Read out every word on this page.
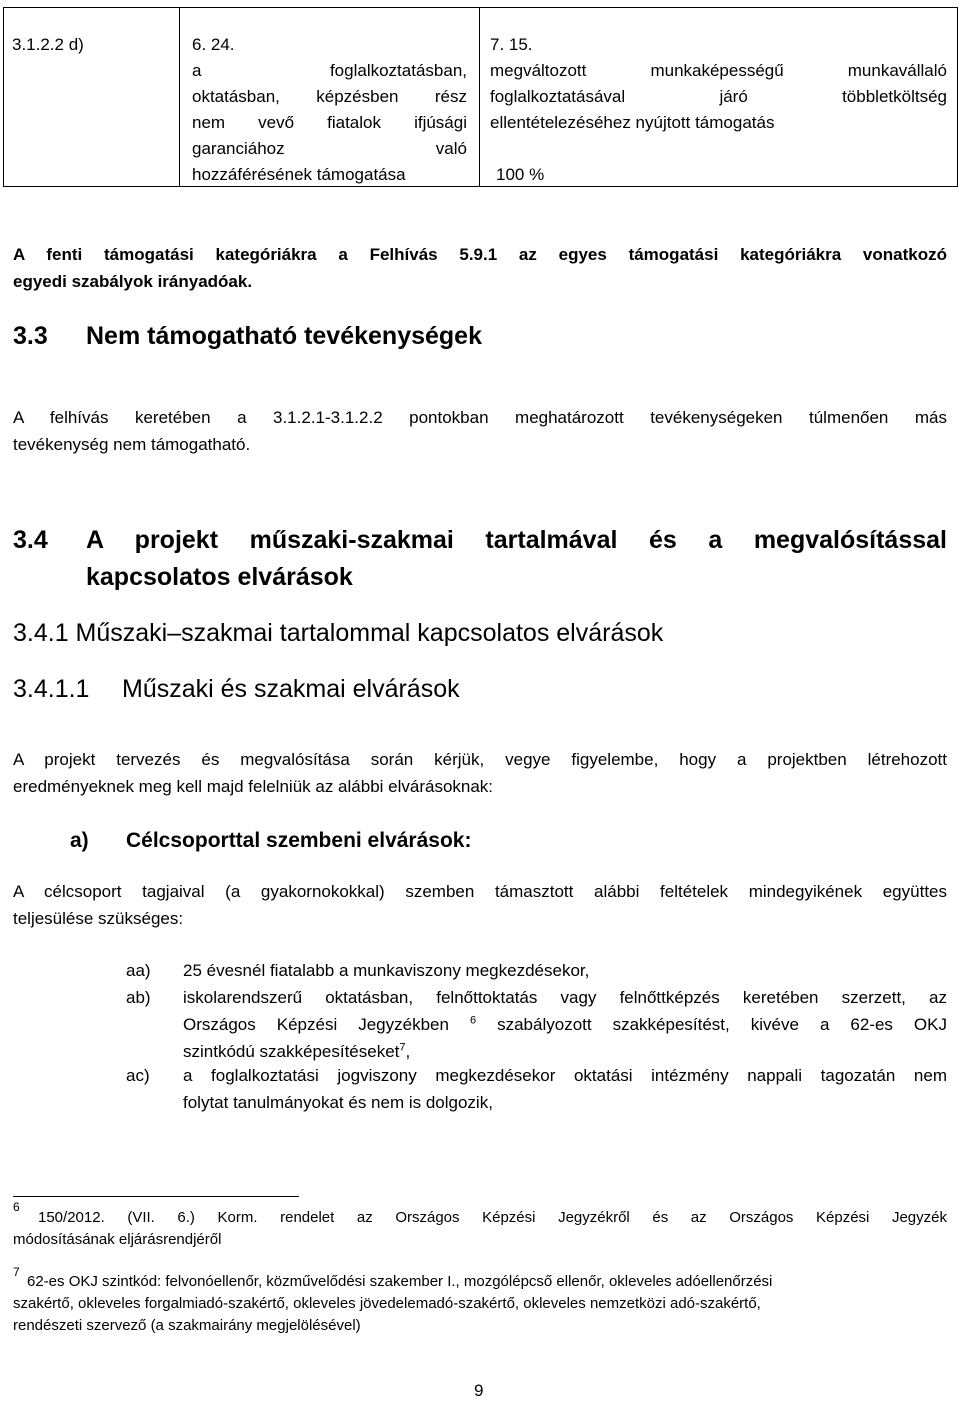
3.1.2.2 d)	6. 24.
a foglalkoztatásban,
oktatásban, képzésben rész
nem vevő fiatalok ifjúsági
garanciához való
hozzáférésének támogatása
7. 15.
megváltozott munkaképességű munkavállaló
foglalkoztatásával járó többletköltség
ellentételezéséhez nyújtott támogatás
100 %
A fenti támogatási kategóriákra a Felhívás 5.9.1 az egyes támogatási kategóriákra vonatkozó
egyedi szabályok irányadóak.
3.3 Nem támogatható tevékenységek
A felhívás keretében a 3.1.2.1-3.1.2.2 pontokban meghatározott tevékenységeken túlmenően más
tevékenység nem támogatható.
3.4 A projekt műszaki-szakmai tartalmával és a megvalósítással
kapcsolatos elvárások
3.4.1 Műszaki–szakmai tartalommal kapcsolatos elvárások
3.4.1.1 Műszaki és szakmai elvárások
A projekt tervezés és megvalósítása során kérjük, vegye figyelembe, hogy a projektben létrehozott
eredményeknek meg kell majd felelniük az alábbi elvárásoknak:
a) Célcsoporttal szembeni elvárások:
A célcsoport tagjaival (a gyakornokokkal) szemben támasztott alábbi feltételek mindegyikének együttes
teljesülése szükséges:
aa) 25 évesnél fiatalabb a munkaviszony megkezdésekor,
ab) iskolarendszerű oktatásban, felnőttoktatás vagy felnőttképzés keretében szerzett, az
Országos Képzési Jegyzékben $^6$ szabályozott szakképesítést, kivéve a 62-es OKJ
szintkódú szakképesítéseket$^7$,
ac) a foglalkoztatási jogviszony megkezdésekor oktatási intézmény nappali tagozatán nem
folytat tanulmányokat és nem is dolgozik,
6
150/2012. (VII. 6.) Korm. rendelet az Országos Képzési Jegyzékről és az Országos Képzési Jegyzék
módosításának eljárásrendjéről
7
62-es OKJ szintkód: felvonóellenőr, közművelődési szakember I., mozgólépcső ellenőr, okleveles adóellenőrzési
szakértő, okleveles forgalmiadó-szakértő, okleveles jövedelemadó-szakértő, okleveles nemzetközi adó-szakértő,
rendészeti szervező (a szakmairány megjelölésével)
9
